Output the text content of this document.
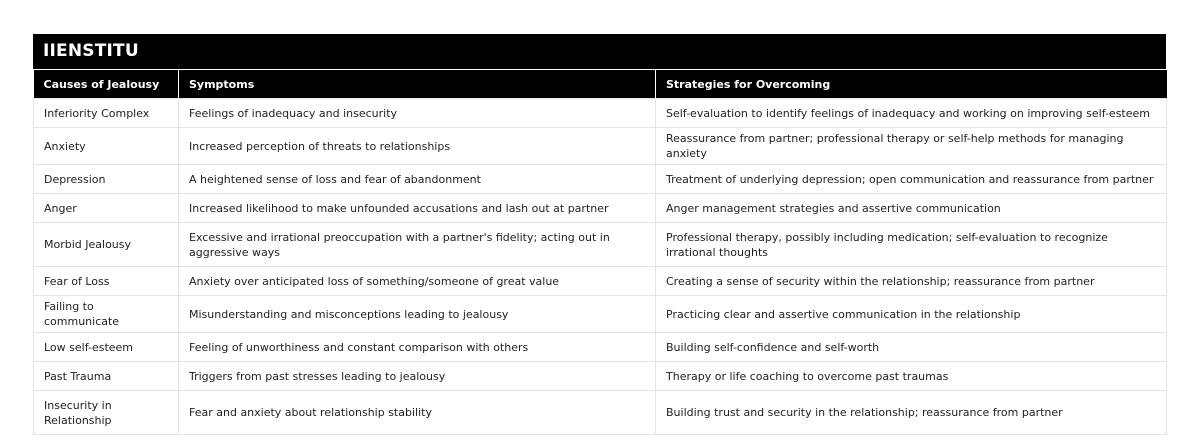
IIENSTITU
Causes of Jealousy	Symptoms	Strategies for Overcoming
Inferiority Complex	Feelings of inadequacy and insecurity	Self-evaluation to identify feelings of inadequacy and working on improving self-esteem
Anxiety	Increased perception of threats to relationships	Reassurance from partner; professional therapy or self-help methods for managing anxiety
Depression	A heightened sense of loss and fear of abandonment	Treatment of underlying depression; open communication and reassurance from partner
Anger	Increased likelihood to make unfounded accusations and lash out at partner	Anger management strategies and assertive communication
Morbid Jealousy	Excessive and irrational preoccupation with a partner's fidelity; acting out in aggressive ways	Professional therapy, possibly including medication; self-evaluation to recognize irrational thoughts
Fear of Loss	Anxiety over anticipated loss of something/someone of great value	Creating a sense of security within the relationship; reassurance from partner
Failing to communicate	Misunderstanding and misconceptions leading to jealousy	Practicing clear and assertive communication in the relationship
Low self-esteem	Feeling of unworthiness and constant comparison with others	Building self-confidence and self-worth
Past Trauma	Triggers from past stresses leading to jealousy	Therapy or life coaching to overcome past traumas
Insecurity in Relationship	Fear and anxiety about relationship stability	Building trust and security in the relationship; reassurance from partner
